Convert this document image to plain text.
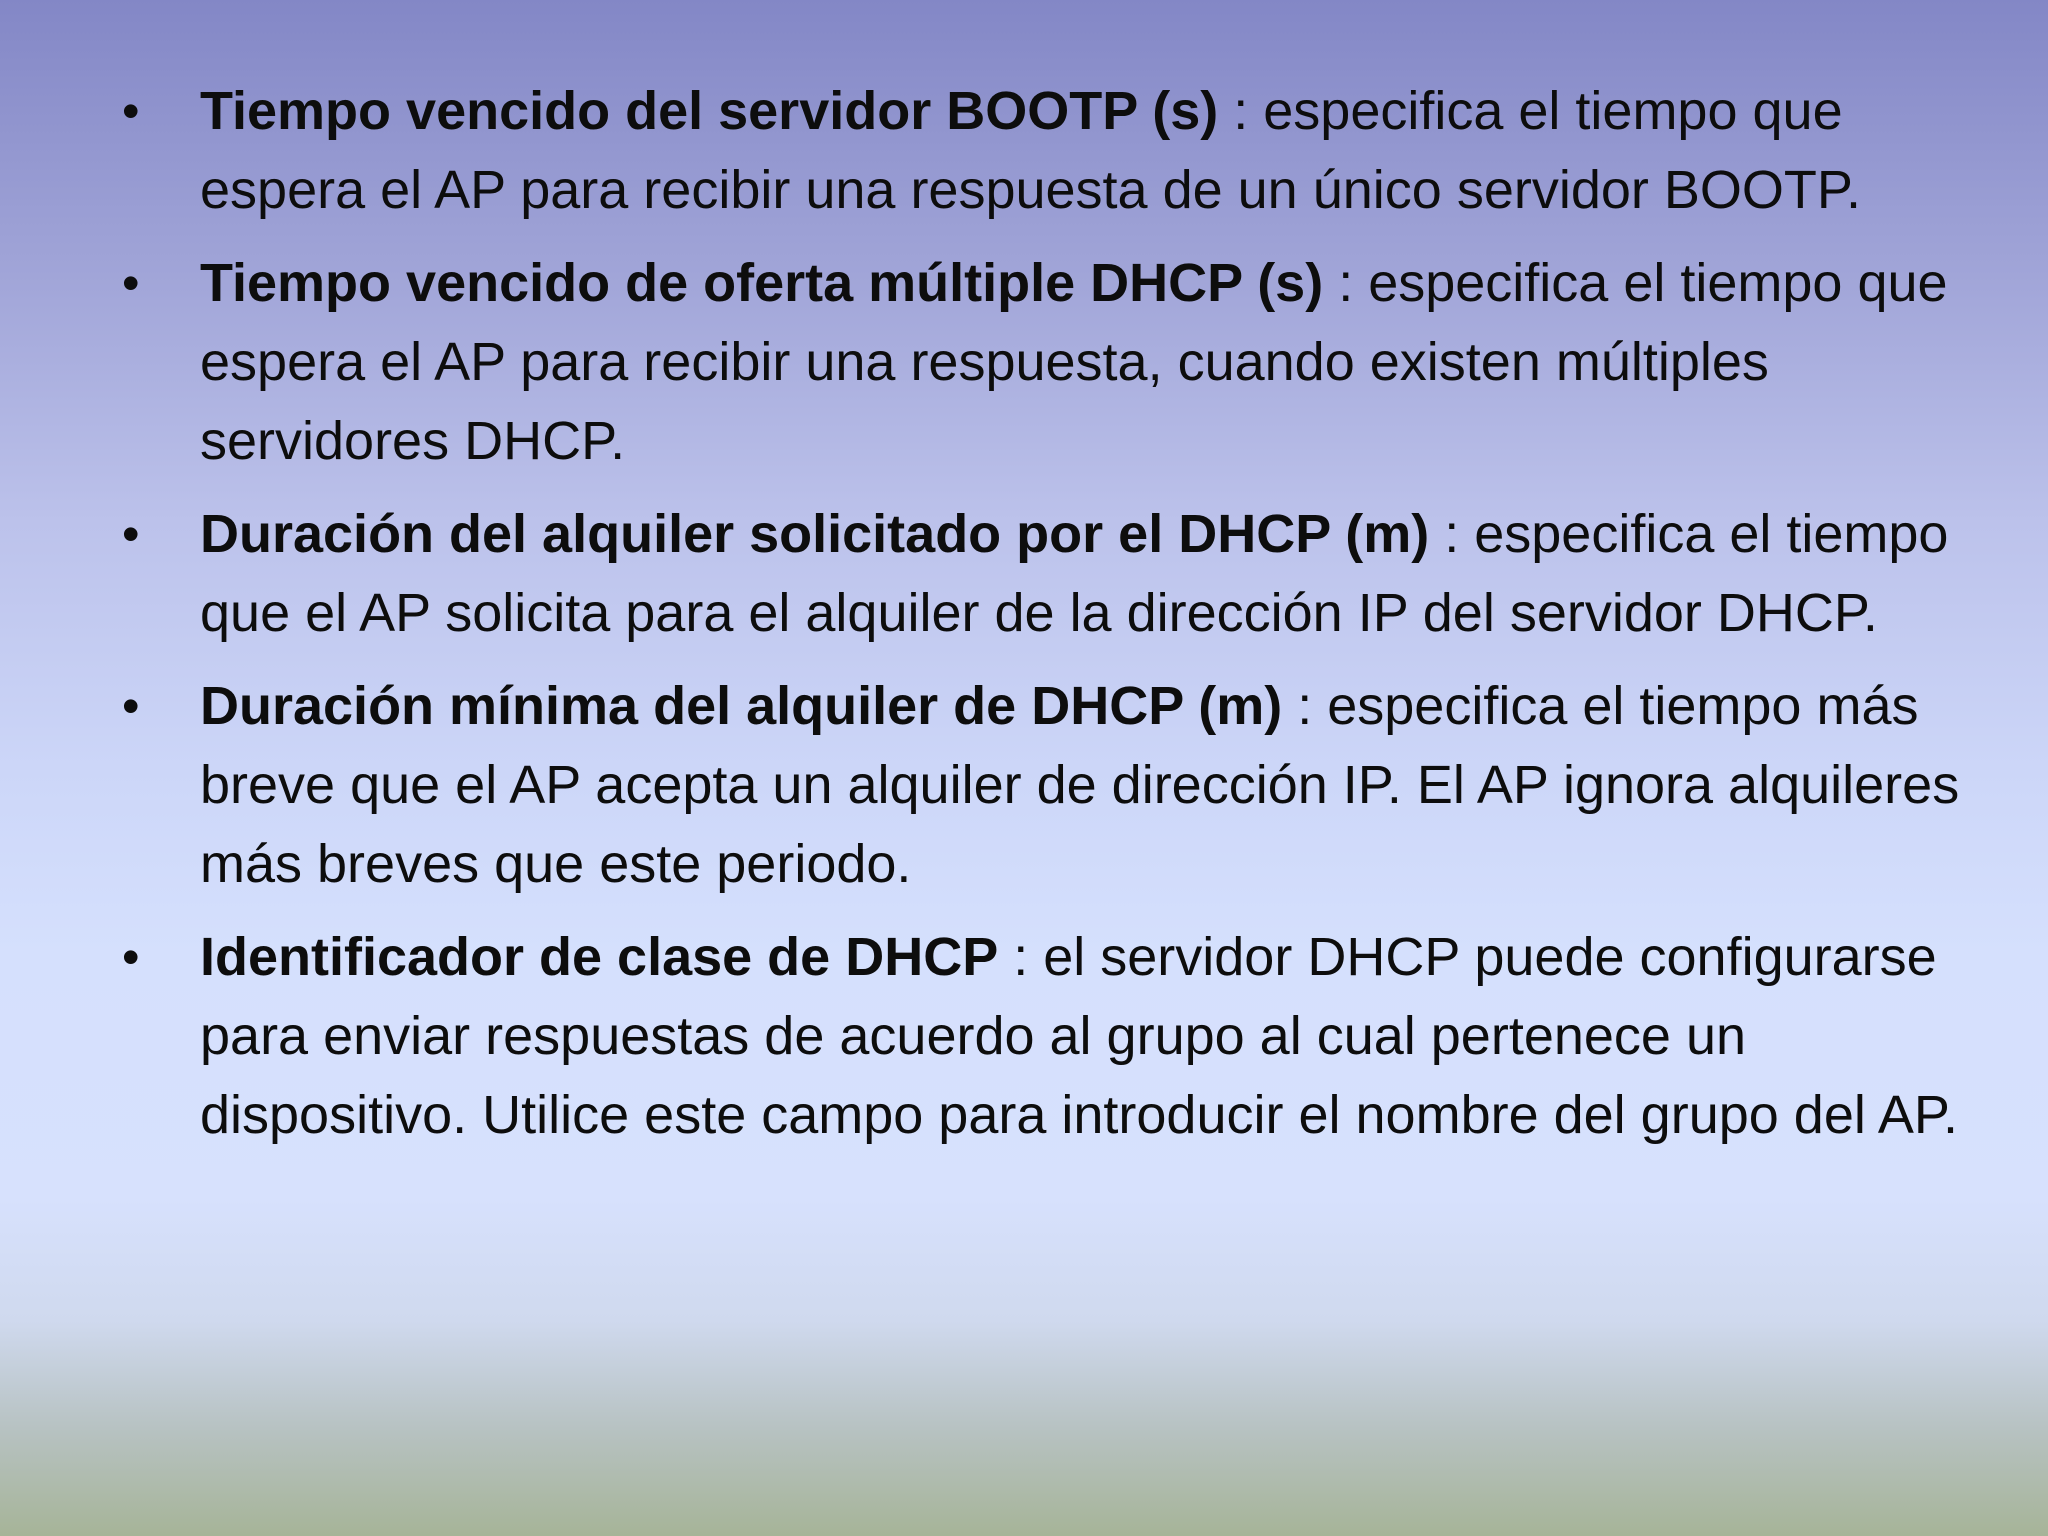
• Tiempo vencido del servidor BOOTP (s) : especifica el tiempo que espera el AP para recibir una respuesta de un único servidor BOOTP.
• Tiempo vencido de oferta múltiple DHCP (s) : especifica el tiempo que espera el AP para recibir una respuesta, cuando existen múltiples servidores DHCP.
• Duración del alquiler solicitado por el DHCP (m) : especifica el tiempo que el AP solicita para el alquiler de la dirección IP del servidor DHCP.
• Duración mínima del alquiler de DHCP (m) : especifica el tiempo más breve que el AP acepta un alquiler de dirección IP. El AP ignora alquileres más breves que este periodo.
• Identificador de clase de DHCP : el servidor DHCP puede configurarse para enviar respuestas de acuerdo al grupo al cual pertenece un dispositivo. Utilice este campo para introducir el nombre del grupo del AP.
